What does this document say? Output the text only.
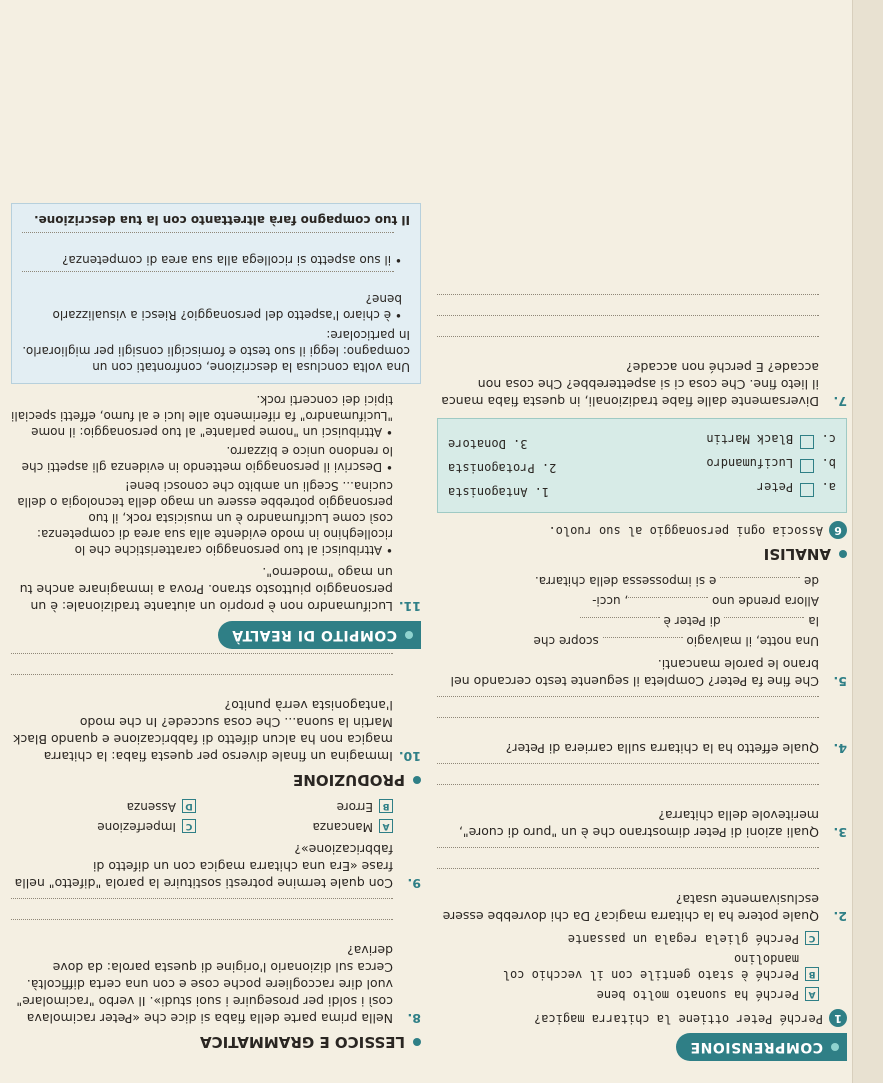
COMPRENSIONE
1
Perché Peter ottiene la chitarra magica?
A
Perché ha suonato molto bene
B
Perché è stato gentile con il vecchio col mandolino
C
Perché gliela regala un passante
2.
Quale potere ha la chitarra magica? Da chi dovrebbe essere esclusivamente usata?
3.
Quali azioni di Peter dimostrano che è un "puro di cuore", meritevole della chitarra?
4.
Quale effetto ha la chitarra sulla carriera di Peter?
5.
Che fine fa Peter? Completa il seguente testo cercando nel brano le parole mancanti.
Una notte, il malvagio  scopre che
la  di Peter è
Allora prende uno , ucci-
de  e si impossessa della chitarra.
ANALISI
6
Associa ogni personaggio al suo ruolo.
a.  Peter
1. Antagonista
b.  Lucifumandro
2. Protagonista
c.  Black Martin
3. Donatore
7.
Diversamente dalle fiabe tradizionali, in questa fiaba manca il lieto fine. Che cosa ci si aspetterebbe? Che cosa non accade? E perché non accade?
LESSICO E GRAMMATICA
8.
Nella prima parte della fiaba si dice che «Peter racimolava così i soldi per proseguire i suoi studi». Il verbo "racimolare" vuol dire raccogliere poche cose e con una certa difficoltà. Cerca sul dizionario l'origine di questa parola: da dove deriva?
9.
Con quale termine potresti sostituire la parola "difetto" nella frase «Era una chitarra magica con un difetto di fabbricazione»?
A
Mancanza
C
Imperfezione
B
Errore
D
Assenza
PRODUZIONE
10.
Immagina un finale diverso per questa fiaba: la chitarra magica non ha alcun difetto di fabbricazione e quando Black Martin la suona... Che cosa succede? In che modo l'antagonista verrà punito?
COMPITO DI REALTÀ
11.
Lucifumandro non è proprio un aiutante tradizionale: è un personaggio piuttosto strano. Prova a immaginare anche tu un mago "moderno".
• Attribuisci al tuo personaggio caratteristiche che lo ricolleghino in modo evidente alla sua area di competenza: così come Lucifumandro è un musicista rock, il tuo personaggio potrebbe essere un mago della tecnologia o della cucina... Scegli un ambito che conosci bene!
• Descrivi il personaggio mettendo in evidenza gli aspetti che lo rendono unico e bizzarro.
• Attribuisci un "nome parlante" al tuo personaggio: il nome "Lucifumandro" fa riferimento alle luci e al fumo, effetti speciali tipici dei concerti rock.
Una volta conclusa la descrizione, confrontati con un compagno: leggi il suo testo e forniscigli consigli per migliorarlo. In particolare:
• è chiaro l'aspetto del personaggio? Riesci a visualizzarlo bene?
• il suo aspetto si ricollega alla sua area di competenza?
Il tuo compagno farà altrettanto con la tua descrizione.
